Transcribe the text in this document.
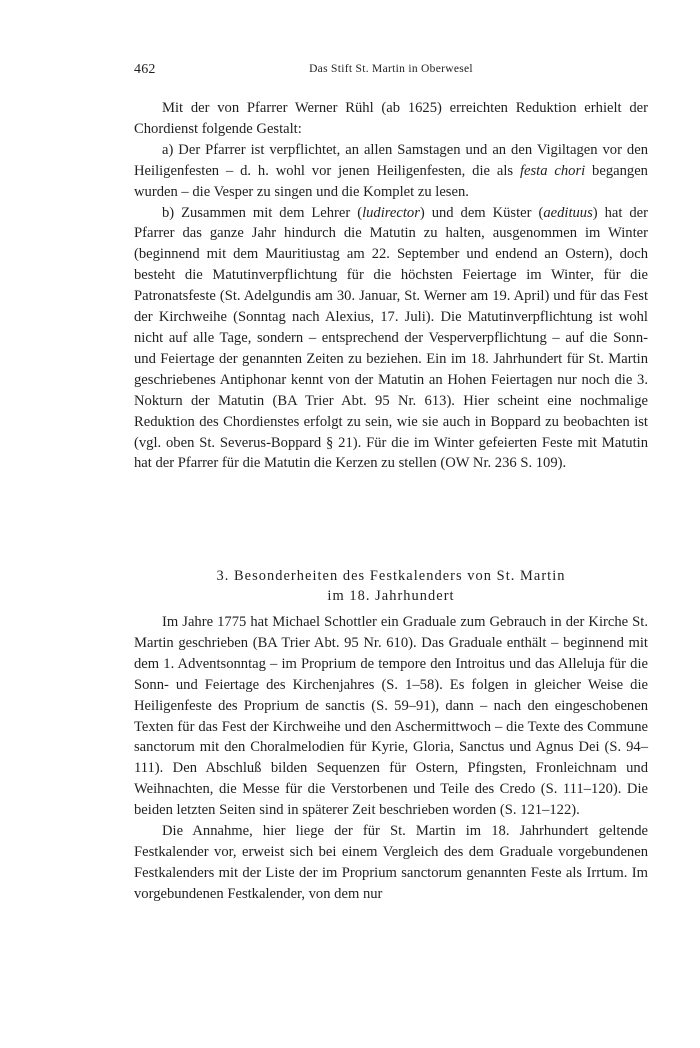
462	Das Stift St. Martin in Oberwesel

Mit der von Pfarrer Werner Rühl (ab 1625) erreichten Reduktion erhielt der Chordienst folgende Gestalt:

a) Der Pfarrer ist verpflichtet, an allen Samstagen und an den Vigiltagen vor den Heiligenfesten – d. h. wohl vor jenen Heiligenfesten, die als festa chori begangen wurden – die Vesper zu singen und die Komplet zu lesen.

b) Zusammen mit dem Lehrer (ludirector) und dem Küster (aedituus) hat der Pfarrer das ganze Jahr hindurch die Matutin zu halten, ausgenommen im Winter (beginnend mit dem Mauritiustag am 22. September und endend an Ostern), doch besteht die Matutinverpflichtung für die höchsten Feiertage im Winter, für die Patronatsfeste (St. Adelgundis am 30. Januar, St. Werner am 19. April) und für das Fest der Kirchweihe (Sonntag nach Alexius, 17. Juli). Die Matutinverpflichtung ist wohl nicht auf alle Tage, sondern – entsprechend der Vesperverpflichtung – auf die Sonn- und Feiertage der genannten Zeiten zu beziehen. Ein im 18. Jahrhundert für St. Martin geschriebenes Antiphonar kennt von der Matutin an Hohen Feiertagen nur noch die 3. Nokturn der Matutin (BA Trier Abt. 95 Nr. 613). Hier scheint eine nochmalige Reduktion des Chordienstes erfolgt zu sein, wie sie auch in Boppard zu beobachten ist (vgl. oben St. Severus-Boppard § 21). Für die im Winter gefeierten Feste mit Matutin hat der Pfarrer für die Matutin die Kerzen zu stellen (OW Nr. 236 S. 109).

3. Besonderheiten des Festkalenders von St. Martin
im 18. Jahrhundert

Im Jahre 1775 hat Michael Schottler ein Graduale zum Gebrauch in der Kirche St. Martin geschrieben (BA Trier Abt. 95 Nr. 610). Das Graduale enthält – beginnend mit dem 1. Adventsonntag – im Proprium de tempore den Introitus und das Alleluja für die Sonn- und Feiertage des Kirchenjahres (S. 1–58). Es folgen in gleicher Weise die Heiligenfeste des Proprium de sanctis (S. 59–91), dann – nach den eingeschobenen Texten für das Fest der Kirchweihe und den Aschermittwoch – die Texte des Commune sanctorum mit den Choralmelodien für Kyrie, Gloria, Sanctus und Agnus Dei (S. 94–111). Den Abschluß bilden Sequenzen für Ostern, Pfingsten, Fronleichnam und Weihnachten, die Messe für die Verstorbenen und Teile des Credo (S. 111–120). Die beiden letzten Seiten sind in späterer Zeit beschrieben worden (S. 121–122).

Die Annahme, hier liege der für St. Martin im 18. Jahrhundert geltende Festkalender vor, erweist sich bei einem Vergleich des dem Graduale vorgebundenen Festkalenders mit der Liste der im Proprium sanctorum genannten Feste als Irrtum. Im vorgebundenen Festkalender, von dem nur
